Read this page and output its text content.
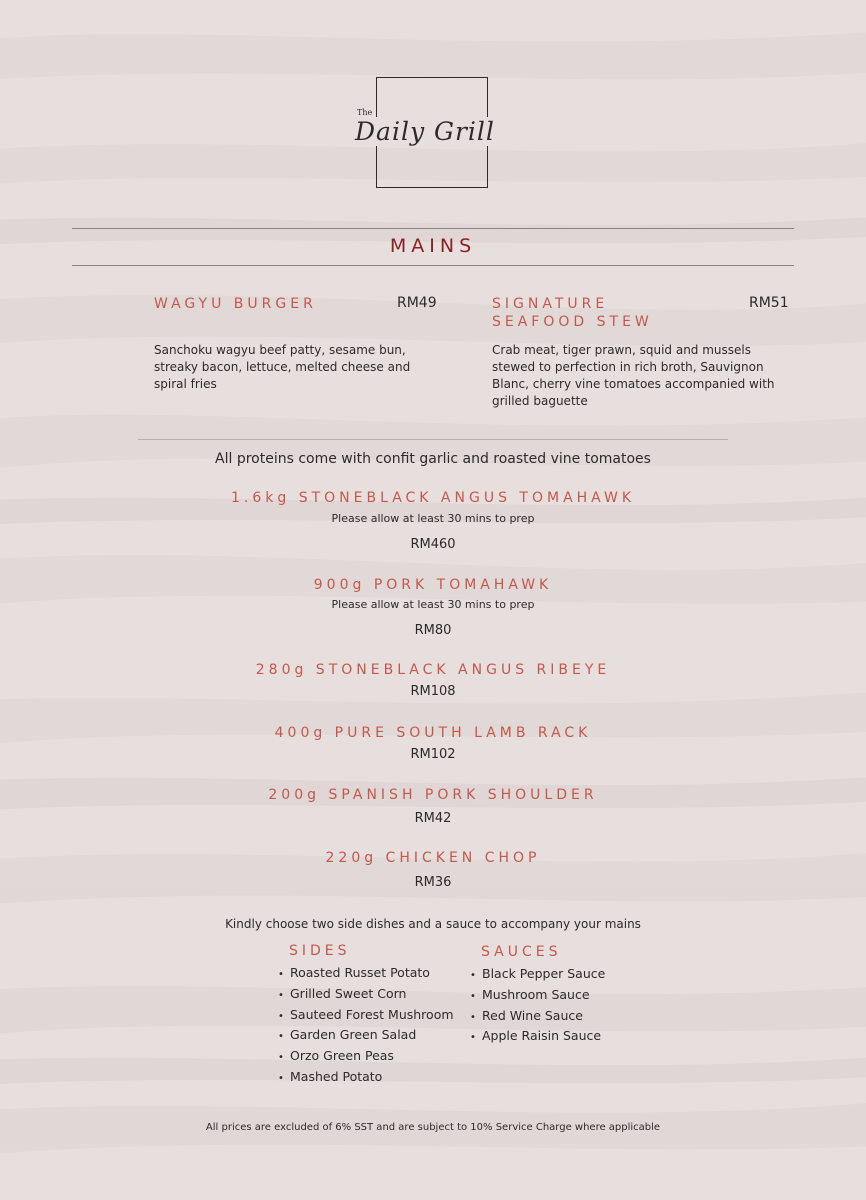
The
Daily Grill
MAINS
WAGYU BURGER	RM49
Sanchoku wagyu beef patty, sesame bun, streaky bacon, lettuce, melted cheese and spiral fries
SIGNATURE
SEAFOOD STEW
RM51
Crab meat, tiger prawn, squid and mussels stewed to perfection in rich broth, Sauvignon Blanc, cherry vine tomatoes accompanied with grilled baguette
All proteins come with confit garlic and roasted vine tomatoes
1.6kg STONEBLACK ANGUS TOMAHAWK
Please allow at least 30 mins to prep
RM460
900g PORK TOMAHAWK
Please allow at least 30 mins to prep
RM80
280g STONEBLACK ANGUS RIBEYE
RM108
400g PURE SOUTH LAMB RACK
RM102
200g SPANISH PORK SHOULDER
RM42
220g CHICKEN CHOP
RM36
Kindly choose two side dishes and a sauce to accompany your mains
SIDES
• Roasted Russet Potato
• Grilled Sweet Corn
• Sauteed Forest Mushroom
• Garden Green Salad
• Orzo Green Peas
• Mashed Potato
SAUCES
• Black Pepper Sauce
• Mushroom Sauce
• Red Wine Sauce
• Apple Raisin Sauce
All prices are excluded of 6% SST and are subject to 10% Service Charge where applicable
